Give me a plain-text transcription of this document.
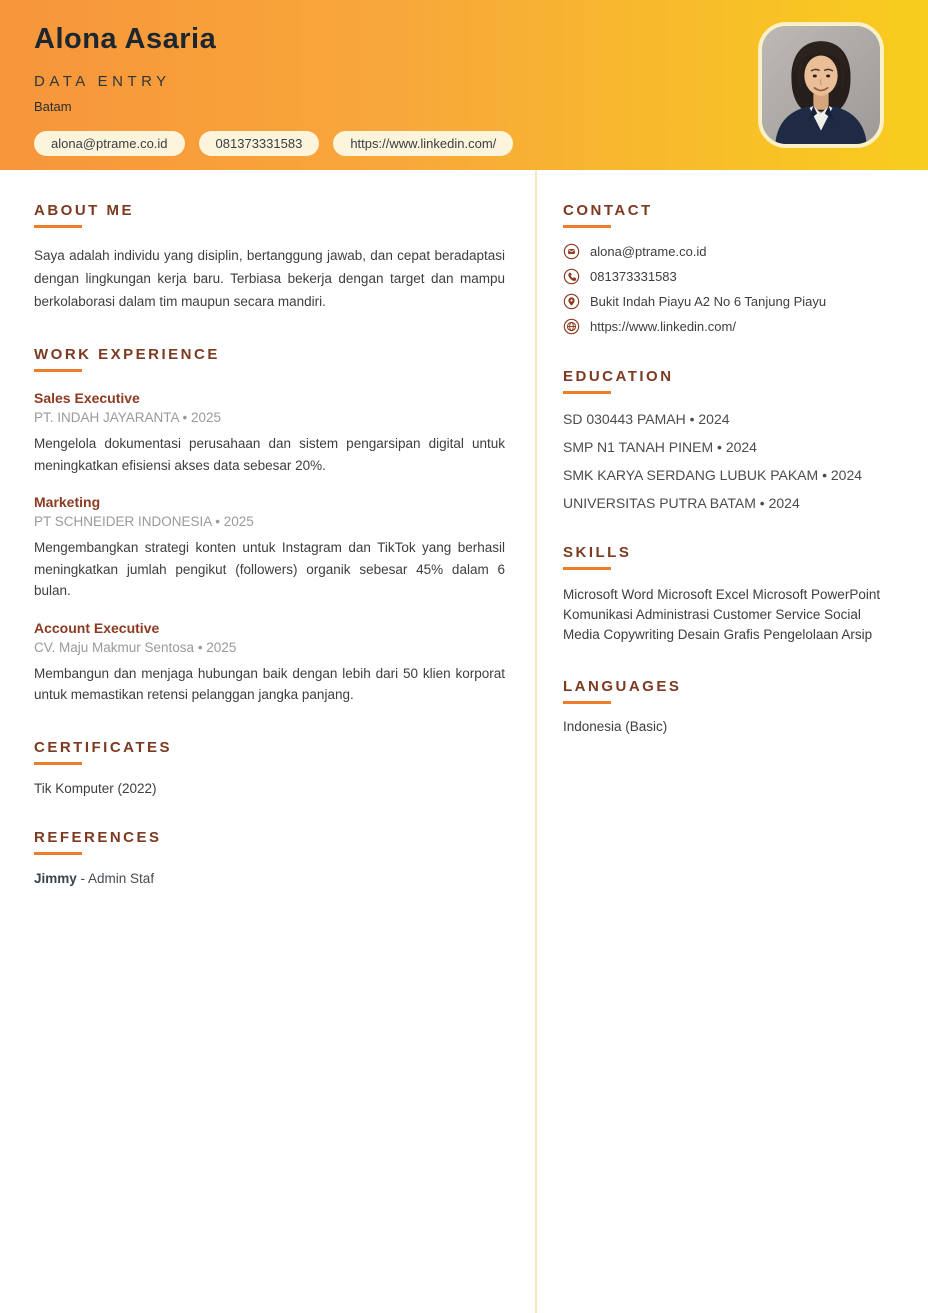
Alona Asaria
DATA ENTRY
Batam
alona@ptrame.co.id	081373331583	https://www.linkedin.com/
ABOUT ME

Saya adalah individu yang disiplin, bertanggung jawab, dan cepat beradaptasi dengan lingkungan kerja baru. Terbiasa bekerja dengan target dan mampu berkolaborasi dalam tim maupun secara mandiri.

WORK EXPERIENCE
Sales Executive
PT. INDAH JAYARANTA • 2025

Mengelola dokumentasi perusahaan dan sistem pengarsipan digital untuk meningkatkan efisiensi akses data sebesar 20%.

Marketing
PT SCHNEIDER INDONESIA • 2025

Mengembangkan strategi konten untuk Instagram dan TikTok yang berhasil meningkatkan jumlah pengikut (followers) organik sebesar 45% dalam 6 bulan.

Account Executive
CV. Maju Makmur Sentosa • 2025

Membangun dan menjaga hubungan baik dengan lebih dari 50 klien korporat untuk memastikan retensi pelanggan jangka panjang.

CERTIFICATES
Tik Komputer (2022)
REFERENCES
Jimmy - Admin Staf
CONTACT
alona@ptrame.co.id
081373331583
Bukit Indah Piayu A2 No 6 Tanjung Piayu
https://www.linkedin.com/
EDUCATION
SD 030443 PAMAH • 2024
SMP N1 TANAH PINEM • 2024
SMK KARYA SERDANG LUBUK PAKAM • 2024
UNIVERSITAS PUTRA BATAM • 2024
SKILLS

Microsoft Word Microsoft Excel Microsoft PowerPoint Komunikasi Administrasi Customer Service Social Media Copywriting Desain Grafis Pengelolaan Arsip

LANGUAGES
Indonesia (Basic)
